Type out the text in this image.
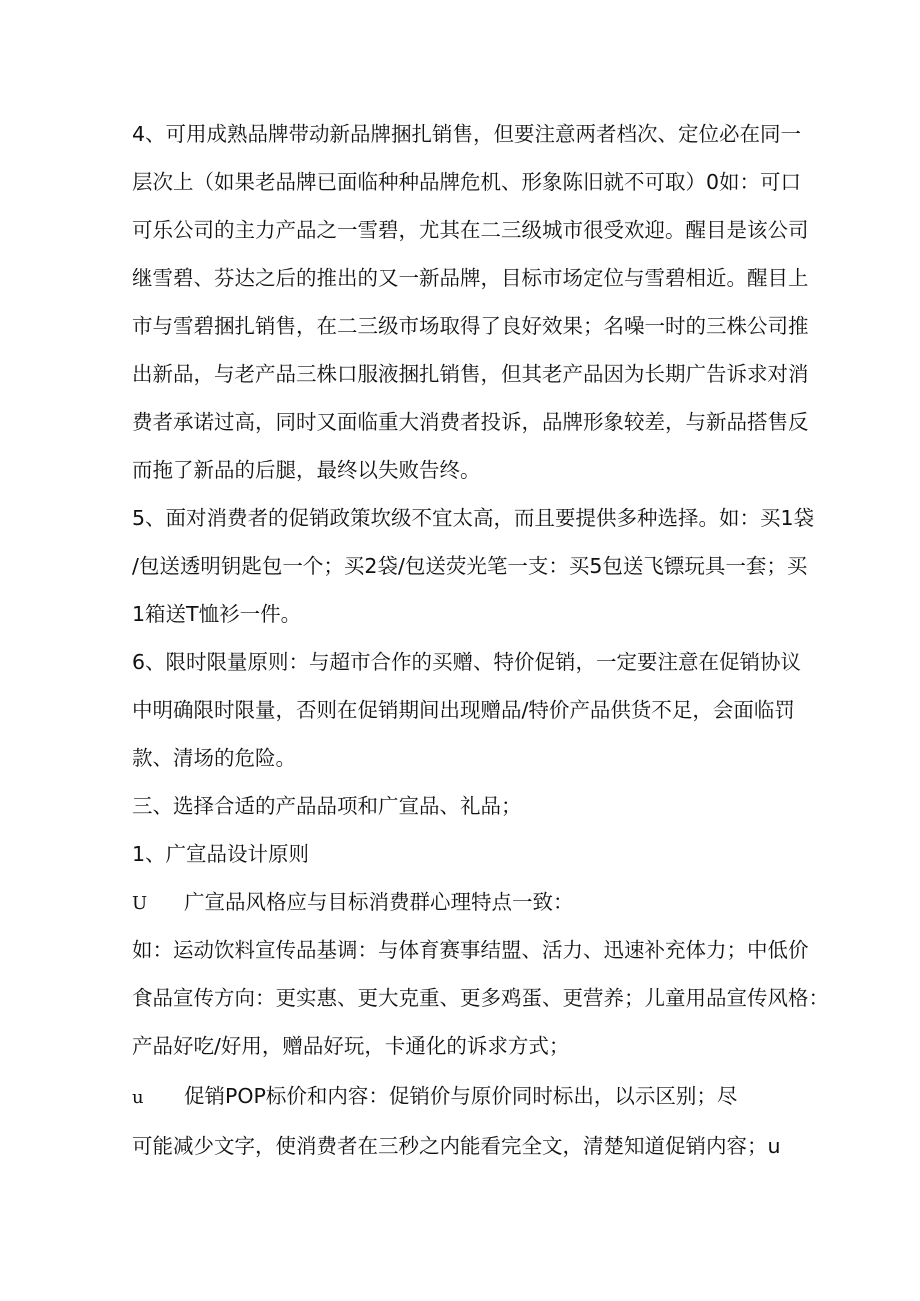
4、可用成熟品牌带动新品牌捆扎销售，但要注意两者档次、定位必在同一
层次上（如果老品牌已面临种种品牌危机、形象陈旧就不可取）0如：可口
可乐公司的主力产品之一雪碧，尤其在二三级城市很受欢迎。醒目是该公司
继雪碧、芬达之后的推出的又一新品牌，目标市场定位与雪碧相近。醒目上
市与雪碧捆扎销售，在二三级市场取得了良好效果；名噪一时的三株公司推
出新品，与老产品三株口服液捆扎销售，但其老产品因为长期广告诉求对消
费者承诺过高，同时又面临重大消费者投诉，品牌形象较差，与新品搭售反
而拖了新品的后腿，最终以失败告终。
5、面对消费者的促销政策坎级不宜太高，而且要提供多种选择。如：买1袋
/包送透明钥匙包一个；买2袋/包送荧光笔一支：买5包送飞镖玩具一套；买
1箱送T恤衫一件。
6、限时限量原则：与超市合作的买赠、特价促销，一定要注意在促销协议
中明确限时限量，否则在促销期间出现赠品/特价产品供货不足，会面临罚
款、清场的危险。
三、选择合适的产品品项和广宣品、礼品；
1、广宣品设计原则
U 广宣品风格应与目标消费群心理特点一致：
如：运动饮料宣传品基调：与体育赛事结盟、活力、迅速补充体力；中低价
食品宣传方向：更实惠、更大克重、更多鸡蛋、更营养；儿童用品宣传风格：
产品好吃/好用，赠品好玩，卡通化的诉求方式；
u 促销POP标价和内容：促销价与原价同时标出，以示区别；尽
可能减少文字，使消费者在三秒之内能看完全文，清楚知道促销内容；u
